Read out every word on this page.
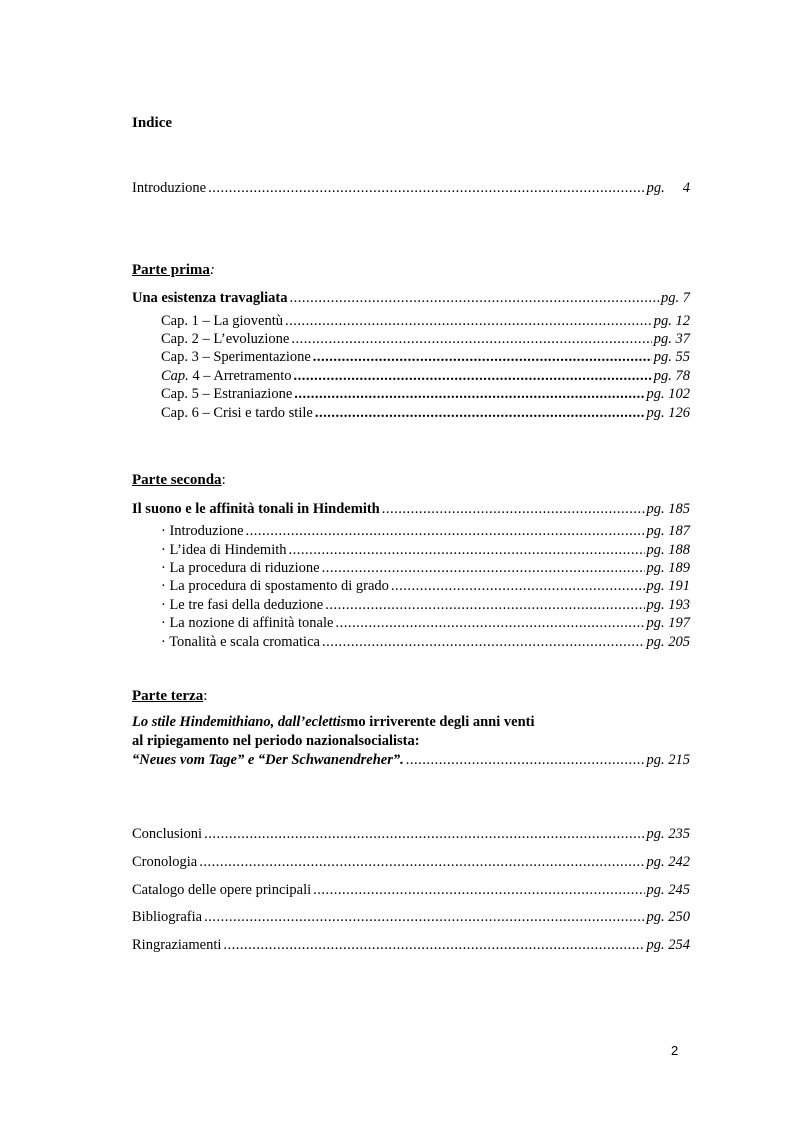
Indice
Introduzione .....	pg. 4
Parte prima:
Una esistenza travagliata .....	pg. 7
Cap. 1 – La gioventù .....	pg. 12
Cap. 2 – L’evoluzione .....	pg. 37
Cap. 3 – Sperimentazione .....	pg. 55
Cap. 4 – Arretramento .....	pg. 78
Cap. 5 – Estraniazione .....	pg. 102
Cap. 6 – Crisi e tardo stile .....	pg. 126
Parte seconda:
Il suono e le affinità tonali in Hindemith .....	pg. 185
· Introduzione .....	pg. 187
· L’idea di Hindemith .....	pg. 188
· La procedura di riduzione .....	pg. 189
· La procedura di spostamento di grado .....	pg. 191
· Le tre fasi della deduzione .....	pg. 193
· La nozione di affinità tonale .....	pg. 197
· Tonalità e scala cromatica .....	pg. 205
Parte terza:
Lo stile Hindemithiano, dall’eclettismo irriverente degli anni venti
al ripiegamento nel periodo nazionalsocialista:
“Neues vom Tage” e “Der Schwanendreher”. .....	pg. 215
Conclusioni .....	pg. 235
Cronologia .....	pg. 242
Catalogo delle opere principali .....	pg. 245
Bibliografia .....	pg. 250
Ringraziamenti .....	pg. 254
2
